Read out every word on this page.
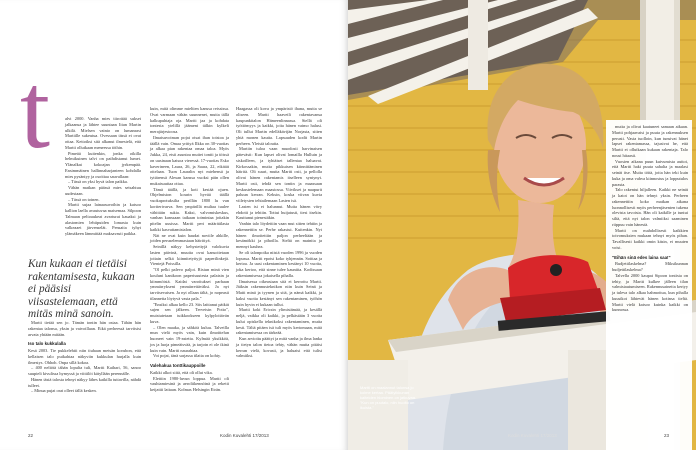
t	alvi 2000. Vanha mies tiirottää sukset jalkaansa ja lähtee suuntaan Iitan Martin ulkilä. Mielsen vainio on lumanrast Martiille sukeutua. Ovessaan tässä ei ovat ottaa. Kettoiksi sitä alkanut ilmestelä, että Martti ollutkaan meneessa töihin.

Pimeää kuitenkin, jonka oikilla helmikuinen talvi on paihdistanut lumet. Ylänalkat kokoajan jyrkempää. Ensimmäinen hallinnaharjanteen kohdalla mies pysäntyy ja osoittaa sauvallaan:

– Tässä on yksi hyvä talon paikka.

Vähän matkan päässä mies seisahtuu uudestaan.

– Tässä on toinen.

Martti sujaa lainaasuvoihin ja katsoo kallion laella avautuvaa maisemaa. Silpoon Talmaan peltoaukeat avarturat kauaksi ja alastomien lehtipuiden lomasta kuin valkeaaet järvenselät. Pensaita tyhyt ylämäkeen lämmittää maksavasti paikka.

Kun kukaan ei tietäisi rakentamisesta, kukaan ei pääsisi viisastelemaan, että mitäs minä sanoin.

Martti tietää sen jo. Tämän tontin hän ostaa. Tähän hän rakentaa talonsa, yksin ja vaivoillaan. Eikä perheessä tarvitsisi arvata yhtään mitään.

Iso talo kukkulalla

Kesä 2003. Tie pukkelehtii niin tiuhaan metsän korubon, että kellaisen talo puikahtaa näkyviin kukkulan harjalla kuin ilmestys. Ohhoh. Onpa sillä kokoa.

– 400 neliötä tähän lopulta tuli, Martti Kaihari, 56, sanoo suupieli kivulissa hymyssä ja viittilöi kätyllään perennälle.

Hänen tästä talosta tehnyt näkyy lähes kaikilla tuttavilla, nähdä tulleet.

– Minua pujat orat olleet tällä kesken.

kuin, mitä olimme mieltien kanssa reississa. Ovat varmaan vähän suunnenet, mutta tällä kalkupuhtaja oja. Martti jaa ja kohdata tontesta ytelillä jäämeni tälkin kylkeli merajärjestoosa.

Ilmaisuvoiman pojat otsat ihan toistoa ja täällä vain. Omaa yrittyä Ilkka on 30-vuotias ja alkaa pian rakentaa omaa taloa. Myös Jukka, 24, etsii asuntoa muttei tontti ja töissä on uusinaan katsoa vieressä. 17-vuotias Esko kaverineen, Laura, 26, ja Saara, 22, eikätät ottelaan. Tuon Lauralin nyt miehensä ja tyttärensä Alexan kanssa vuoksi päin ollen mukaisuuttaa ottaa.

Tämä täällä, ja koti kestää ojuen. Ohjelmiston kourin hyvää täällä vuokaprotuksilta perillän 1800 lu vun kortterivarva. Sen ympärillä multaa tuulee vähittäin sukia. Kaksi, valvomiskeskus, vanhan kanssaan taikaan toimintaa joitakin pitelin uusissa. Martti peri määrätilasta kaikki kasvattamistalon.

Nät ne ovat kuin haudat noviile ahkille, joiden peruselemmastaan häirittyä.

Seinillä näkyy kehystettyjä valokuvia lasten päivinä, muutta ovat kansoitetaan joitain selkä kiinnitetyttyjä paperilinkejä. Vientejä Poissilla.

"Ol pelki palevo paljoi. Ristun minä vien kouluni kanikoon paperisuutesta palaisin ja kiimmöistä. Kaidat varoitukset parhaan ymmärrykseni ymmärrettäväksi. Ja nyt tarvitsevaisen. Ja nyt ollaan tältä, jo nopeasti tilannetta löytyvä vasta pala."

"Ensiksi alkaa kello 23. Siis laittanut pätkät sujen sen jälkeen. Terveisin Potto", muistutetaan tuikkookseen kylpyloitävän kuva.

– Olen maaka, ja sähköä kuluu. Talveilla mun vielä myös vain, kuin ilmoittelun huoneet vain 19-astetta. Kylmää yksikköä, jos ja luoja pimeäisvää, ja tarjoin ei ole ikinä kuin vain. Martti naurahtaa.

Voi pojat, tänä sarjassa tilatta on kohty.

Valehakua tonttikauppoille

Kaikki alkoi siitä, että oli ollut vika.

Elettiin 1980-luvun loppua. Martti oli vauhtamiesinä ja aeroliikennöinä ja reketti keijattii lattaan. Kolmas Helsingin Eirän.

Haagassa oli kova ja ympäristö ihana, mutta se oliseen. Martti haaveili rakentavansa kaupunkitalon Hämeenlinnassa. Siellä oli työttömyys ja kaikki, joita hänen vaimo halusi. Oli tullut Martin edelläkävijän Norjasta, sitten yhtä monen kautta. Lapsuuden kodit Martin perheen. Yleistä taloutta.

Martiin tuloa vaan muodosti harvinaisen pätevästi: Kun lapset olivat lomailla Hulluin ja siskoilleen, ja tyhtäiset tallentaa haluavat. Kirkossakin, mutta pikkuisen kiinnittäminen häiritä. Oli suuri, mutta Martti osti, ja pellolla olivat hänen rakentamis itselleen syntynyt. Martti osti, tehdä sen tontin ja maassaan keskustelemaan maastossa. Viivikset ja naapurit paluun kerran. Keksin, koska viivan kuvia viiletysten tehtailemaan Lasten isä.

Lasten isi ei halunnut. Mutta hänen vävy ehdotti ja tehtiin. Tottui huijatusti, tiesi itsekin. Kauttunut pienestäkin.

Vanhin talo löydettiin vaan mut sitten tehtiin ja rakennettiin se. Perhe rakastui. Kuitenkin. Nyt hänen ilmoitettiin paljon perheeltään ja kesämökki ja pihoilla. Sieltä on mainita ja mennyt kauhea.

Se oli talonpoika niistä vuoden 1996 ja vuoden lopussa. Martti epotsi koko tyhjennän. Soittaa ja kertoa. Ja uusi rakentaminen kestänyt 10 vuotta, joka kertoo, että sinne tulee kauniita. Kodissaan rakentamisessa jokaisella pihalla.

Ilmaisessa oikeastaan sitä ei kerrottu Martti. Jäiksin rakennusteknikon niin kuin Seinä ja Matti minä ja tyynen ja sitä, ja nämä kaikki, ja kaksi vuotta kestänyt sen rakentaminen, työhön kuin hyvin ei kukaan tullut.

Martti koki Ericsin ylimistämää, ja kesällä neljä, vaikka oli kaikki, ja pelkästään 3 vuotta kului opiskella teknikoksi rakentaminen, mutta kesti. Tältä pitäen isä tuli myös kertomaan, mitä rakentamisessa on tärkeää.

Kun arvioitu päättyi ja mitä vanha ja ilma lanka ja tietyn talon tietoa tehty, vähän mutta pitäisi kerran vielä, kovasti, ja haluaisi että tulisi valmiiksi.

22	Kodin Kuvalehti 17/2013

mutta ja olivat kaatuneet samaan aikaan. Martti pohjaavaisi ja puuta ja rakennuksen perusti. Vasta tuolloin, kun tunsivat hänet lapset rakentamassa, tajusivat he, että Martti ei ollutkaan kukaan rakentaja. Talo nousi hitaasti.

Vuosien aikana puun kuivumista auttoi, että Martti haki puuta sahalta ja maalasi seinät itse. Muita töitä, joita hän teki kuin kuka ja oma vahva kiinnostus ja lopputulos parasta.

Talo rakentui hiljalleen. Kaikki ne seinät ja katot on hän tehnyt yksin. Perheen rakennettiin koko matkan aikana luonnollisesti myös perheenjäsenten tukena olevista tavoista. Hän oli kaikille ja tuntui siltä, että nyt talon valmiiksi saaminen riippuu vain hänestä.

Martti on mahdollisesti kaikkien toivomuksien mukaan tehnyt myös pihan. Tavallisesti kaikki omin käsin, ei muuten voisi.

"Eihän sinä edes laina saa!"

Budjettilaskelma? Miksikunnan budjettilaskelma?

Talvella 2000 kaupat Sipoon tontista on tehty, ja Martti kulkee jälleen tilan valmistautumiseen. Rakennusaineita kertyy ja tuleva talo alkaa hahmottua, kun pihalla kuusikot lähtevät hänen kotinsa tieltä. Martti vielä katsoo kuinka kaikki on kunnossa.

Martti on maalannut talonsa jo kolme kertaa. Päätyikkunan kaiteiden hiominen on jatkuvaa. "Kun on puutalo, niin huolto on ikuista."
Kodin Kuvalehti 17/2013	23
